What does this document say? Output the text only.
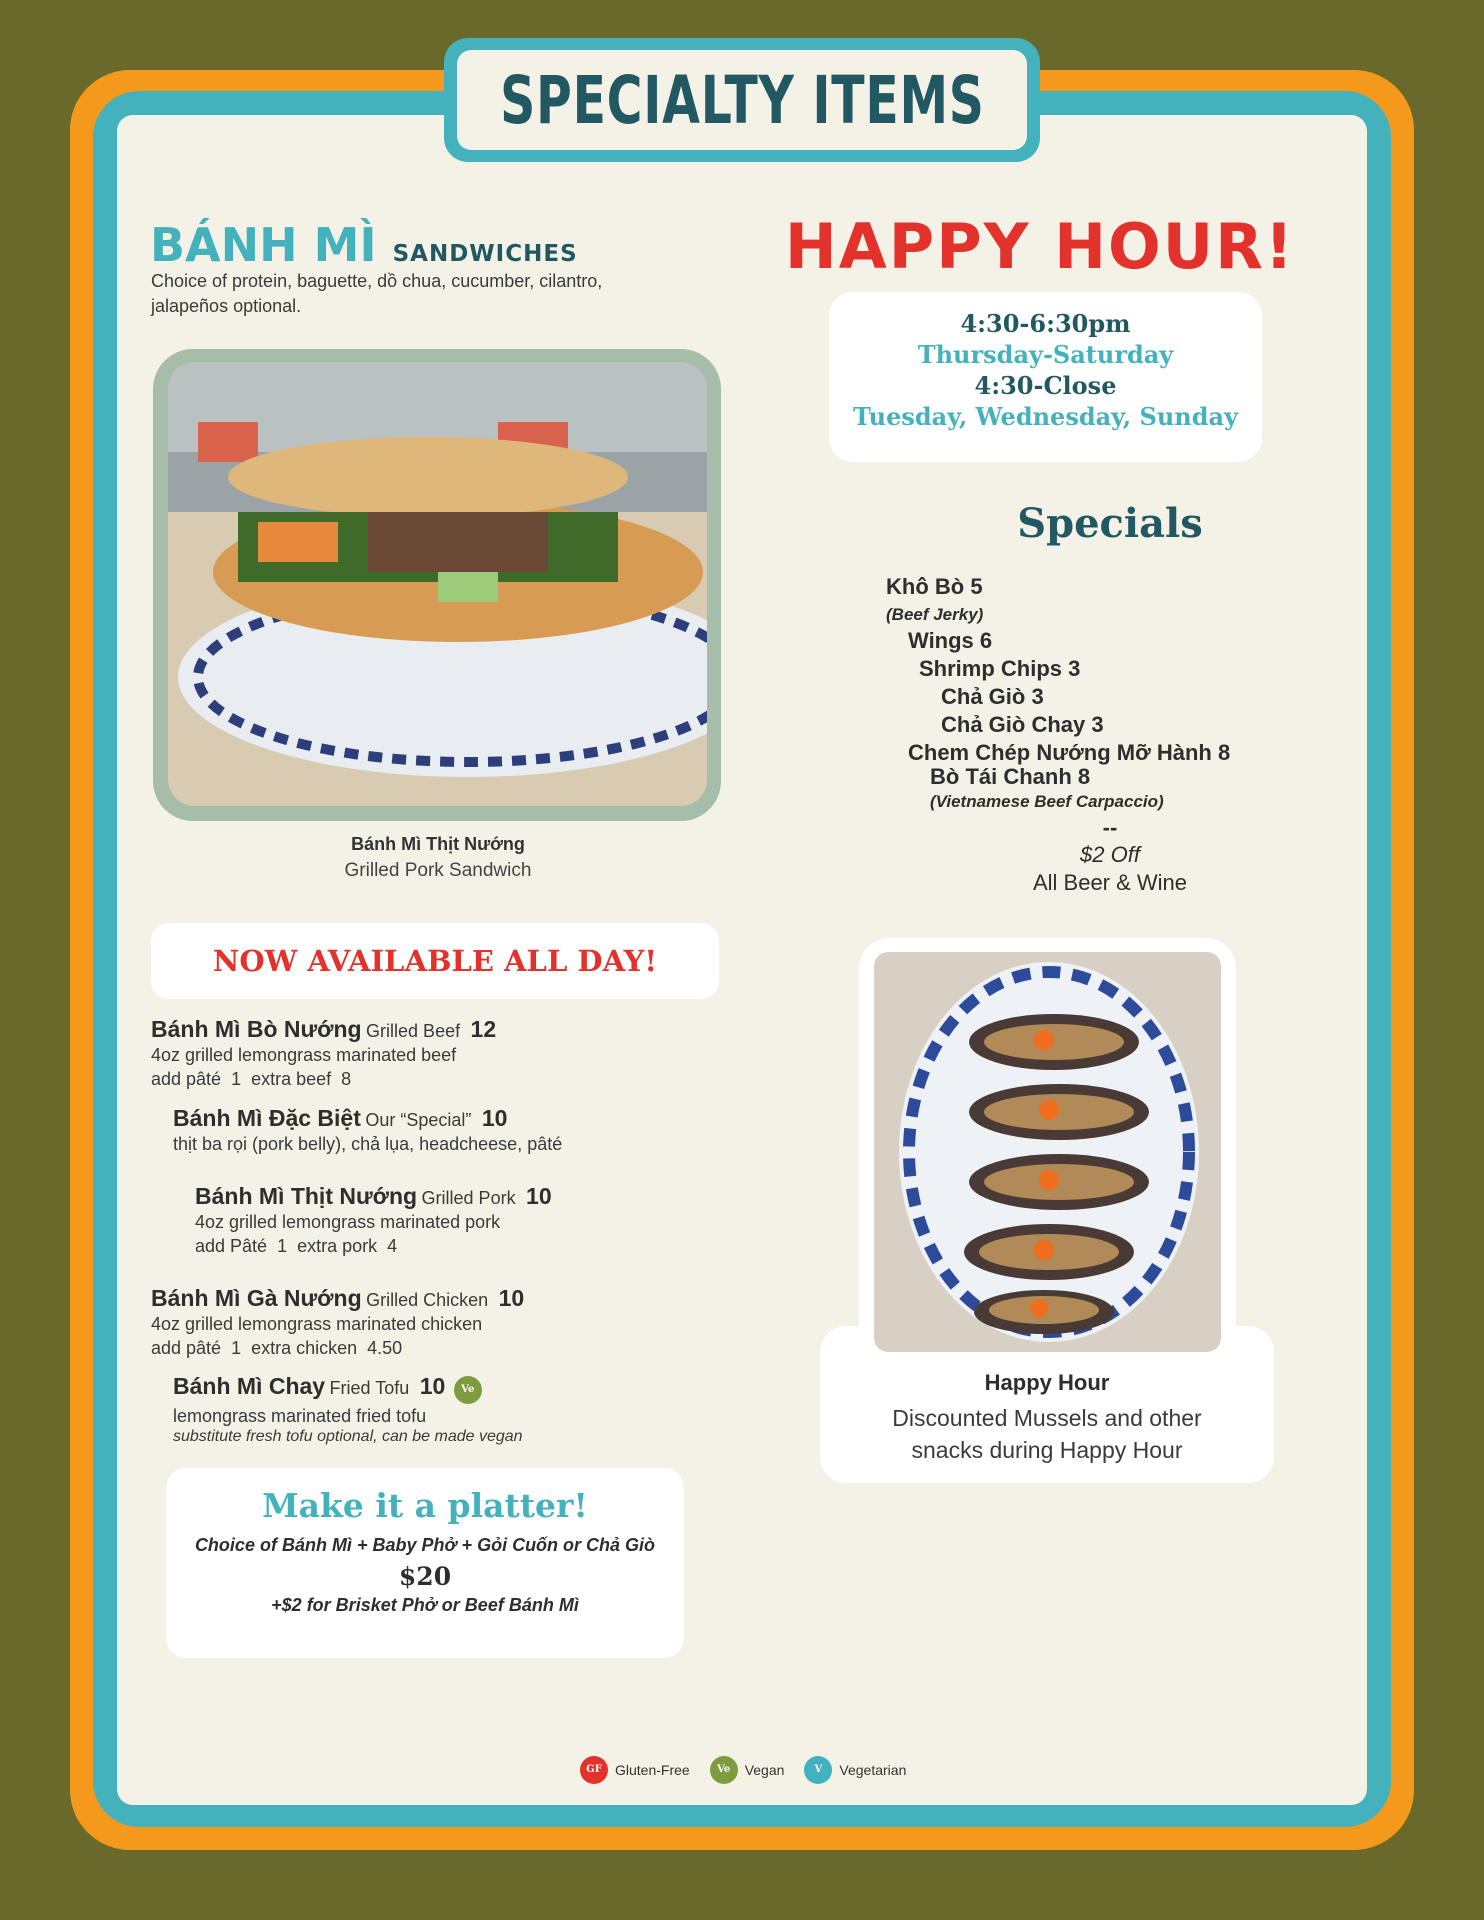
SPECIALTY ITEMS
BÁNH MÌ SANDWICHES
Choice of protein, baguette, dồ chua, cucumber, cilantro, jalapeños optional.
Bánh Mì Thịt Nướng
Grilled Pork Sandwich
NOW AVAILABLE ALL DAY!
Bánh Mì Bò Nướng Grilled Beef 12
4oz grilled lemongrass marinated beef
add pâté  1  extra beef  8
Bánh Mì Đặc Biệt Our “Special” 10
thịt ba rọi (pork belly), chả lụa, headcheese, pâté
Bánh Mì Thịt Nướng Grilled Pork 10
4oz grilled lemongrass marinated pork
add Pâté  1  extra pork  4
Bánh Mì Gà Nướng Grilled Chicken 10
4oz grilled lemongrass marinated chicken
add pâté  1  extra chicken  4.50
Bánh Mì Chay Fried Tofu 10 Ve
lemongrass marinated fried tofu
substitute fresh tofu optional, can be made vegan
Make it a platter!
Choice of Bánh Mì + Baby Phở + Gỏi Cuốn or Chả Giò
$20
+$2 for Brisket Phở or Beef Bánh Mì
HAPPY HOUR!
4:30-6:30pm
Thursday-Saturday
4:30-Close
Tuesday, Wednesday, Sunday
Specials
Khô Bò 5
(Beef Jerky)
Wings 6
Shrimp Chips 3
Chả Giò 3
Chả Giò Chay 3
Chem Chép Nướng Mỡ Hành 8
Bò Tái Chanh 8
(Vietnamese Beef Carpaccio)
--
$2 Off
All Beer & Wine
Happy Hour
Discounted Mussels and other snacks during Happy Hour
GF Gluten-Free	Ve	Vegan	V	Vegetarian
